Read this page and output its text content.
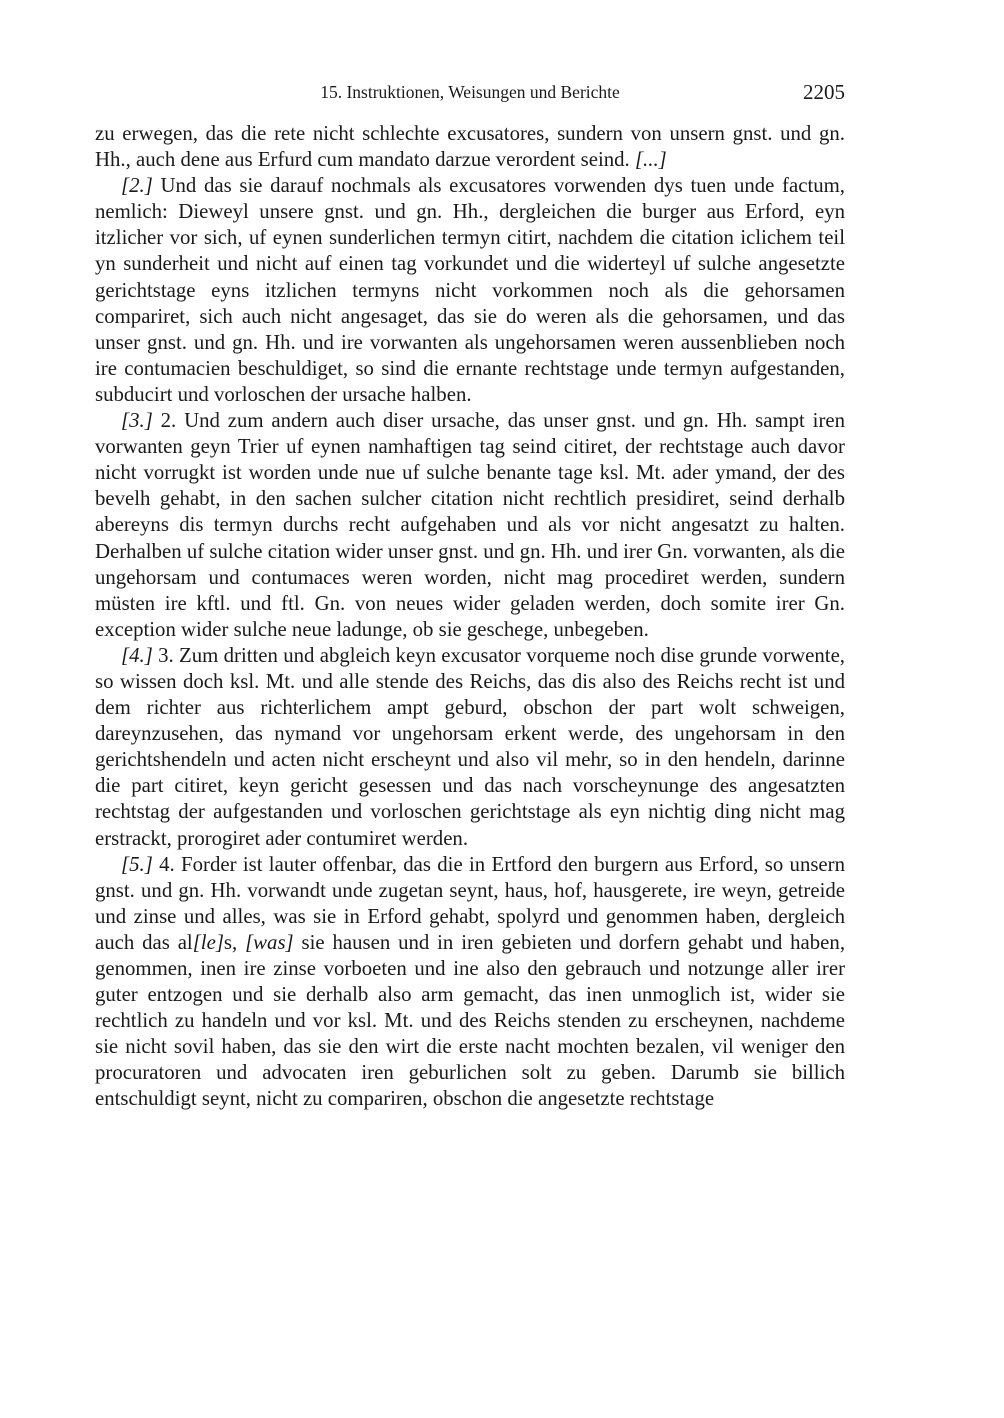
15. Instruktionen, Weisungen und Berichte	2205

zu erwegen, das die rete nicht schlechte excusatores, sundern von unsern gnst. und gn. Hh., auch dene aus Erfurd cum mandato darzue verordent seind. [...]

[2.] Und das sie darauf nochmals als excusatores vorwenden dys tuen unde factum, nemlich: Dieweyl unsere gnst. und gn. Hh., dergleichen die burger aus Erford, eyn itzlicher vor sich, uf eynen sunderlichen termyn citirt, nachdem die citation iclichem teil yn sunderheit und nicht auf einen tag vorkundet und die widerteyl uf sulche angesetzte gerichtstage eyns itzlichen termyns nicht vorkommen noch als die gehorsamen compariret, sich auch nicht angesaget, das sie do weren als die gehorsamen, und das unser gnst. und gn. Hh. und ire vorwanten als ungehorsamen weren aussenblieben noch ire contumacien beschuldiget, so sind die ernante rechtstage unde termyn aufgestanden, subducirt und vorloschen der ursache halben.

[3.] 2. Und zum andern auch diser ursache, das unser gnst. und gn. Hh. sampt iren vorwanten geyn Trier uf eynen namhaftigen tag seind citiret, der rechtstage auch davor nicht vorrugkt ist worden unde nue uf sulche benante tage ksl. Mt. ader ymand, der des bevelh gehabt, in den sachen sulcher citation nicht rechtlich presidiret, seind derhalb abereyns dis termyn durchs recht aufgehaben und als vor nicht angesatzt zu halten. Derhalben uf sulche citation wider unser gnst. und gn. Hh. und irer Gn. vorwanten, als die ungehorsam und contumaces weren worden, nicht mag procediret werden, sundern müsten ire kftl. und ftl. Gn. von neues wider geladen werden, doch somite irer Gn. exception wider sulche neue ladunge, ob sie geschege, unbegeben.

[4.] 3. Zum dritten und abgleich keyn excusator vorqueme noch dise grunde vorwente, so wissen doch ksl. Mt. und alle stende des Reichs, das dis also des Reichs recht ist und dem richter aus richterlichem ampt geburd, obschon der part wolt schweigen, dareynzusehen, das nymand vor ungehorsam erkent werde, des ungehorsam in den gerichtshendeln und acten nicht erscheynt und also vil mehr, so in den hendeln, darinne die part citiret, keyn gericht gesessen und das nach vorscheynunge des angesatzten rechtstag der aufgestanden und vorloschen gerichtstage als eyn nichtig ding nicht mag erstrackt, prorogiret ader contumiret werden.

[5.] 4. Forder ist lauter offenbar, das die in Ertford den burgern aus Erford, so unsern gnst. und gn. Hh. vorwandt unde zugetan seynt, haus, hof, hausgerete, ire weyn, getreide und zinse und alles, was sie in Erford gehabt, spolyrd und genommen haben, dergleich auch das al[le]s, [was] sie hausen und in iren gebieten und dorfern gehabt und haben, genommen, inen ire zinse vorboeten und ine also den gebrauch und notzunge aller irer guter entzogen und sie derhalb also arm gemacht, das inen unmoglich ist, wider sie rechtlich zu handeln und vor ksl. Mt. und des Reichs stenden zu erscheynen, nachdeme sie nicht sovil haben, das sie den wirt die erste nacht mochten bezalen, vil weniger den procuratoren und advocaten iren geburlichen solt zu geben. Darumb sie billich entschuldigt seynt, nicht zu compariren, obschon die angesetzte rechtstage
